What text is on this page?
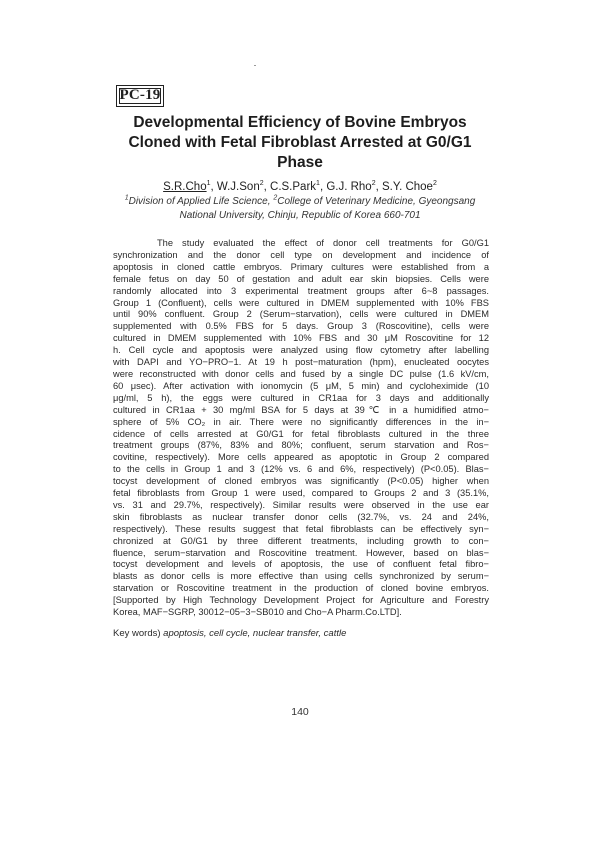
PC-19
Developmental Efficiency of Bovine Embryos
Cloned with Fetal Fibroblast Arrested at G0/G1
Phase
S.R.Cho$^1$, W.J.Son$^2$, C.S.Park$^1$, G.J. Rho$^2$, S.Y. Choe$^2$
$^1$Division of Applied Life Science, $^2$College of Veterinary Medicine, Gyeongsang
National University, Chinju, Republic of Korea 660-701
The study evaluated the effect of donor cell treatments for G0/G1
synchronization and the donor cell type on development and incidence of
apoptosis in cloned cattle embryos. Primary cultures were established from a
female fetus on day 50 of gestation and adult ear skin biopsies. Cells were
randomly allocated into 3 experimental treatment groups after 6~8 passages.
Group 1 (Confluent), cells were cultured in DMEM supplemented with 10% FBS
until 90% confluent. Group 2 (Serum−starvation), cells were cultured in DMEM
supplemented with 0.5% FBS for 5 days. Group 3 (Roscovitine), cells were
cultured in DMEM supplemented with 10% FBS and 30 μM Roscovitine for 12
h. Cell cycle and apoptosis were analyzed using flow cytometry after labelling
with DAPI and YO−PRO−1. At 19 h post−maturation (hpm), enucleated oocytes
were reconstructed with donor cells and fused by a single DC pulse (1.6 kV/cm,
60 μsec). After activation with ionomycin (5 μM, 5 min) and cycloheximide (10
μg/ml, 5 h), the eggs were cultured in CR1aa for 3 days and additionally
cultured in CR1aa + 30 mg/ml BSA for 5 days at 39℃ in a humidified atmo−
sphere of 5% CO₂ in air. There were no significantly differences in the in−
cidence of cells arrested at G0/G1 for fetal fibroblasts cultured in the three
treatment groups (87%, 83% and 80%; confluent, serum starvation and Ros−
covitine, respectively). More cells appeared as apoptotic in Group 2 compared
to the cells in Group 1 and 3 (12% vs. 6 and 6%, respectively) (P<0.05). Blas−
tocyst development of cloned embryos was significantly (P<0.05) higher when
fetal fibroblasts from Group 1 were used, compared to Groups 2 and 3 (35.1%,
vs. 31 and 29.7%, respectively). Similar results were observed in the use ear
skin fibroblasts as nuclear transfer donor cells (32.7%, vs. 24 and 24%,
respectively). These results suggest that fetal fibroblasts can be effectively syn−
chronized at G0/G1 by three different treatments, including growth to con−
fluence, serum−starvation and Roscovitine treatment. However, based on blas−
tocyst development and levels of apoptosis, the use of confluent fetal fibro−
blasts as donor cells is more effective than using cells synchronized by serum−
starvation or Roscovitine treatment in the production of cloned bovine embryos.
[Supported by High Technology Development Project for Agriculture and Forestry
Korea, MAF−SGRP, 30012−05−3−SB010 and Cho−A Pharm.Co.LTD].
Key words) apoptosis, cell cycle, nuclear transfer, cattle
140
